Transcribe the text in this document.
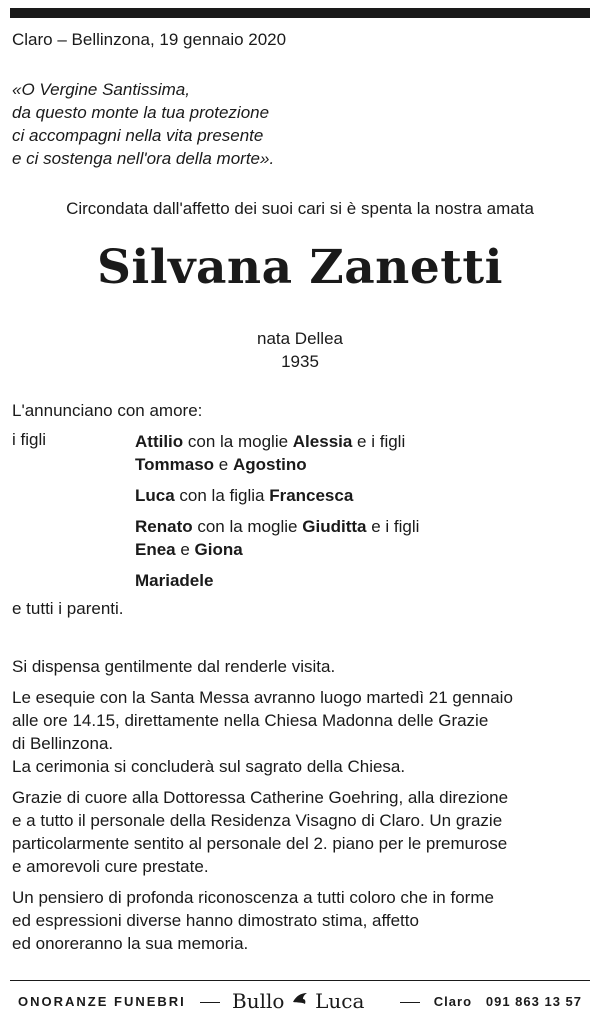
Claro – Bellinzona, 19 gennaio 2020
«O Vergine Santissima,
da questo monte la tua protezione
ci accompagni nella vita presente
e ci sostenga nell'ora della morte».
Circondata dall'affetto dei suoi cari si è spenta la nostra amata
Silvana Zanetti
nata Dellea
1935
L'annunciano con amore:
i figli	Attilio con la moglie Alessia e i figli
Tommaso e Agostino
Luca con la figlia Francesca
Renato con la moglie Giuditta e i figli
Enea e Giona
Mariadele
e tutti i parenti.

Si dispensa gentilmente dal renderle visita.

Le esequie con la Santa Messa avranno luogo martedì 21 gennaio
alle ore 14.15, direttamente nella Chiesa Madonna delle Grazie
di Bellinzona.
La cerimonia si concluderà sul sagrato della Chiesa.

Grazie di cuore alla Dottoressa Catherine Goehring, alla direzione
e a tutto il personale della Residenza Visagno di Claro. Un grazie
particolarmente sentito al personale del 2. piano per le premurose
e amorevoli cure prestate.

Un pensiero di profonda riconoscenza a tutti coloro che in forme
ed espressioni diverse hanno dimostrato stima, affetto
ed onoreranno la sua memoria.

ONORANZE FUNEBRI Bullo Luca	Claro   091 863 13 57
